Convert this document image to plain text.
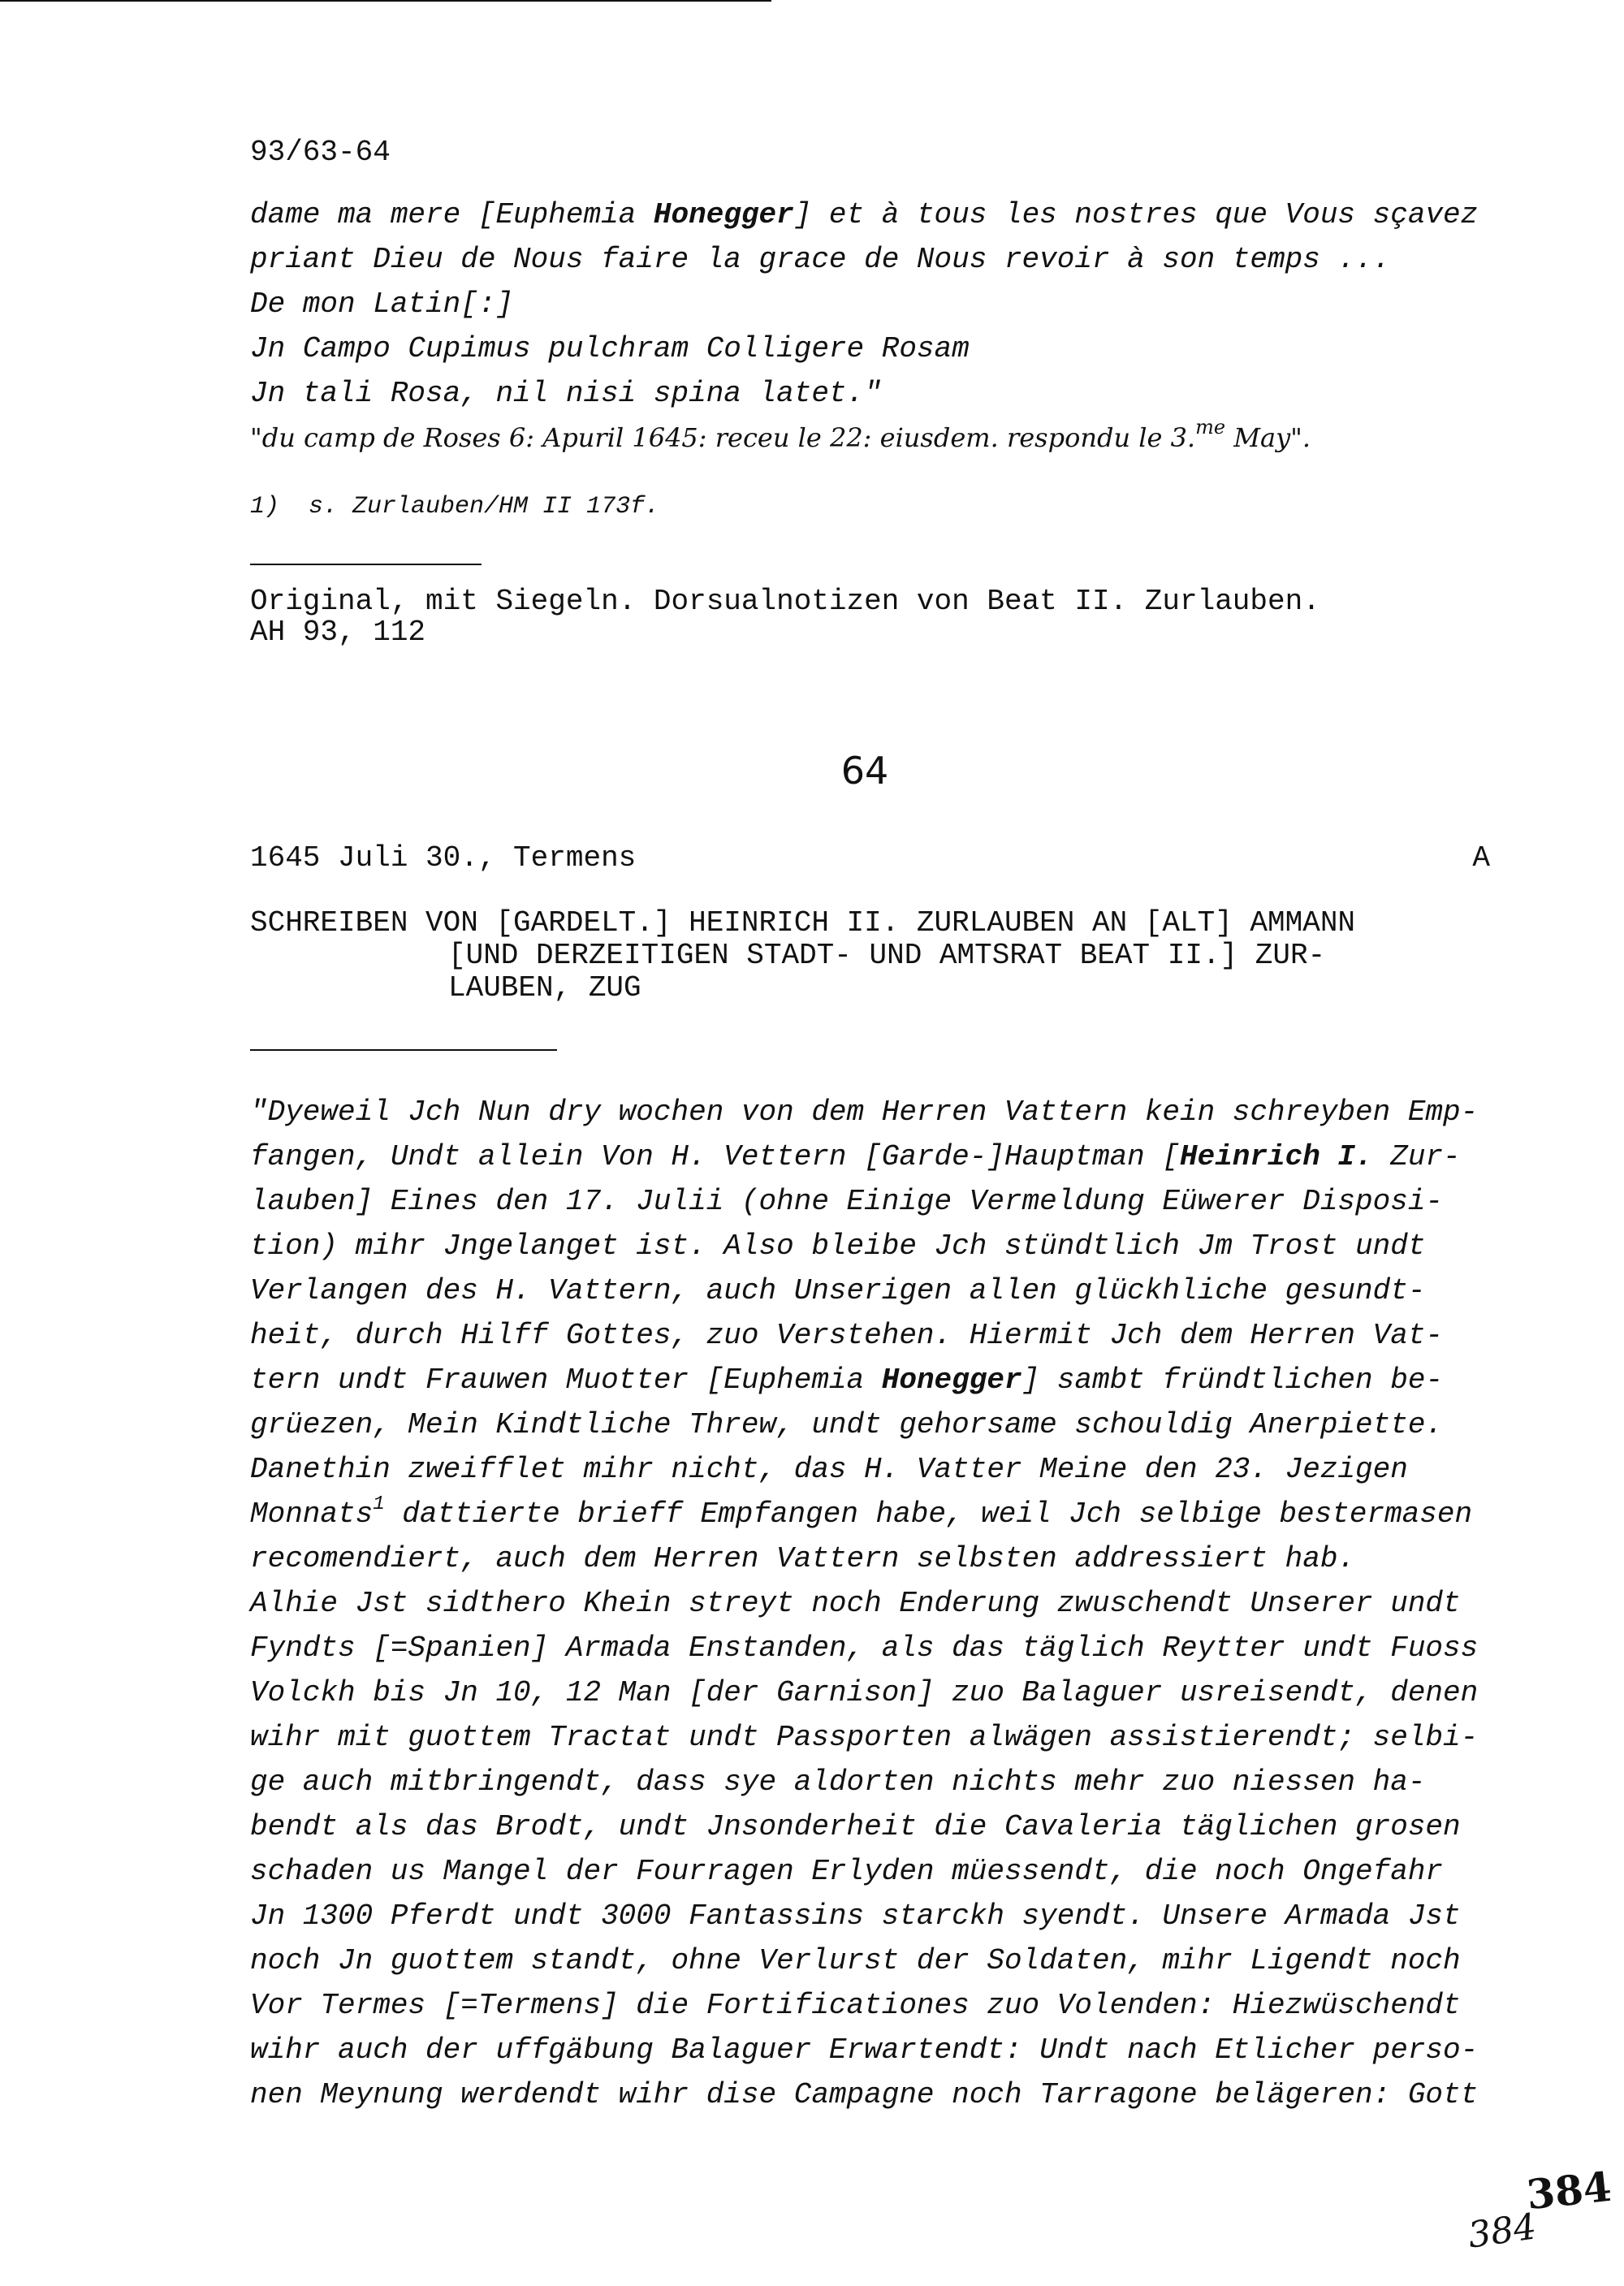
93/63-64
dame ma mere [Euphemia Honegger] et à tous les nostres que Vous sçavez
priant Dieu de Nous faire la grace de Nous revoir à son temps ...
De mon Latin[:]
Jn Campo Cupimus pulchram Colligere Rosam
Jn tali Rosa, nil nisi spina latet."
"du camp de Roses 6: Apuril 1645: receu le 22: eiusdem. respondu le 3.$^{me}$ May".
1)  s. Zurlauben/HM II 173f.
Original, mit Siegeln. Dorsualnotizen von Beat II. Zurlauben.
AH 93, 112
64
1645 Juli 30., Termens	A
SCHREIBEN VON [GARDELT.] HEINRICH II. ZURLAUBEN AN [ALT] AMMANN
[UND DERZEITIGEN STADT- UND AMTSRAT BEAT II.] ZUR-
LAUBEN, ZUG
"Dyeweil Jch Nun dry wochen von dem Herren Vattern kein schreyben Emp-
fangen, Undt allein Von H. Vettern [Garde-]Hauptman [Heinrich I. Zur-
lauben] Eines den 17. Julii (ohne Einige Vermeldung Eüwerer Disposi-
tion) mihr Jngelanget ist. Also bleibe Jch stündtlich Jm Trost undt
Verlangen des H. Vattern, auch Unserigen allen glückhliche gesundt-
heit, durch Hilff Gottes, zuo Verstehen. Hiermit Jch dem Herren Vat-
tern undt Frauwen Muotter [Euphemia Honegger] sambt fründtlichen be-
grüezen, Mein Kindtliche Threw, undt gehorsame schouldig Anerpiette.
Danethin zweifflet mihr nicht, das H. Vatter Meine den 23. Jezigen
Monnats$^1$ dattierte brieff Empfangen habe, weil Jch selbige bestermasen
recomendiert, auch dem Herren Vattern selbsten addressiert hab.
Alhie Jst sidthero Khein streyt noch Enderung zwuschendt Unserer undt
Fyndts [=Spanien] Armada Enstanden, als das täglich Reytter undt Fuoss
Volckh bis Jn 10, 12 Man [der Garnison] zuo Balaguer usreisendt, denen
wihr mit guottem Tractat undt Passporten alwägen assistierendt; selbi-
ge auch mitbringendt, dass sye aldorten nichts mehr zuo niessen ha-
bendt als das Brodt, undt Jnsonderheit die Cavaleria täglichen grosen
schaden us Mangel der Fourragen Erlyden müessendt, die noch Ongefahr
Jn 1300 Pferdt undt 3000 Fantassins starckh syendt. Unsere Armada Jst
noch Jn guottem standt, ohne Verlurst der Soldaten, mihr Ligendt noch
Vor Termes [=Termens] die Fortificationes zuo Volenden: Hiezwüschendt
wihr auch der uffgäbung Balaguer Erwartendt: Undt nach Etlicher perso-
nen Meynung werdendt wihr dise Campagne noch Tarragone belägeren: Gott
384
384
